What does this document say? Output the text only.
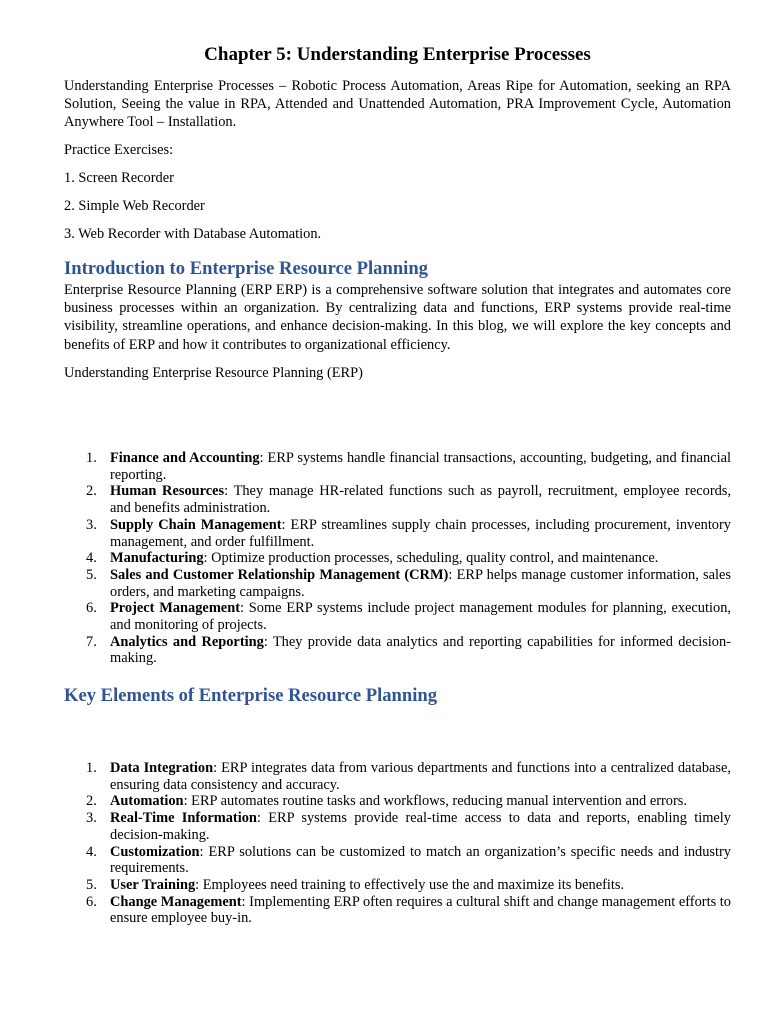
Chapter 5: Understanding Enterprise Processes

Understanding Enterprise Processes – Robotic Process Automation, Areas Ripe for Automation, seeking an RPA Solution, Seeing the value in RPA, Attended and Unattended Automation, PRA Improvement Cycle, Automation Anywhere Tool – Installation.

Practice Exercises:

1. Screen Recorder

2. Simple Web Recorder

3. Web Recorder with Database Automation.

Introduction to Enterprise Resource Planning

Enterprise Resource Planning (ERP ERP) is a comprehensive software solution that integrates and automates core business processes within an organization. By centralizing data and functions, ERP systems provide real-time visibility, streamline operations, and enhance decision-making. In this blog, we will explore the key concepts and benefits of ERP and how it contributes to organizational efficiency.

Understanding Enterprise Resource Planning (ERP)

1. Finance and Accounting: ERP systems handle financial transactions, accounting, budgeting, and financial reporting.
2. Human Resources: They manage HR-related functions such as payroll, recruitment, employee records, and benefits administration.
3. Supply Chain Management: ERP streamlines supply chain processes, including procurement, inventory management, and order fulfillment.
4. Manufacturing: Optimize production processes, scheduling, quality control, and maintenance.
5. Sales and Customer Relationship Management (CRM): ERP helps manage customer information, sales orders, and marketing campaigns.
6. Project Management: Some ERP systems include project management modules for planning, execution, and monitoring of projects.
7. Analytics and Reporting: They provide data analytics and reporting capabilities for informed decision-making.
Key Elements of Enterprise Resource Planning
1. Data Integration: ERP integrates data from various departments and functions into a centralized database, ensuring data consistency and accuracy.
2. Automation: ERP automates routine tasks and workflows, reducing manual intervention and errors.
3. Real-Time Information: ERP systems provide real-time access to data and reports, enabling timely decision-making.
4. Customization: ERP solutions can be customized to match an organization’s specific needs and industry requirements.
5. User Training: Employees need training to effectively use the and maximize its benefits.
6. Change Management: Implementing ERP often requires a cultural shift and change management efforts to ensure employee buy-in.
